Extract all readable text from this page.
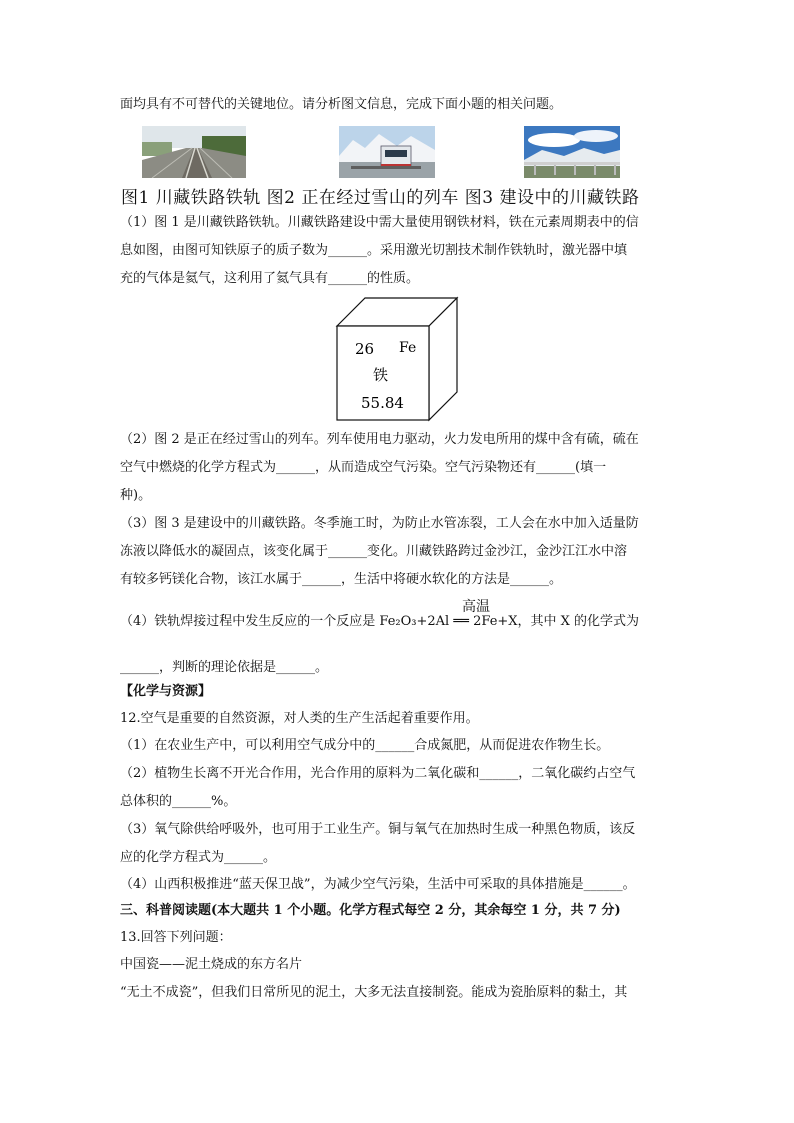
面均具有不可替代的关键地位。请分析图文信息，完成下面小题的相关问题。
图1 川藏铁路铁轨 图2 正在经过雪山的列车 图3 建设中的川藏铁路
（1）图 1 是川藏铁路铁轨。川藏铁路建设中需大量使用钢铁材料，铁在元素周期表中的信
息如图，由图可知铁原子的质子数为______。采用激光切割技术制作铁轨时，激光器中填
充的气体是氦气，这利用了氦气具有______的性质。
26 Fe
铁
55.84
（2）图 2 是正在经过雪山的列车。列车使用电力驱动，火力发电所用的煤中含有硫，硫在
空气中燃烧的化学方程式为______，从而造成空气污染。空气污染物还有______(填一
种)。
（3）图 3 是建设中的川藏铁路。冬季施工时，为防止水管冻裂，工人会在水中加入适量防
冻液以降低水的凝固点，该变化属于______变化。川藏铁路跨过金沙江，金沙江江水中溶
有较多钙镁化合物，该江水属于______，生活中将硬水软化的方法是______。
高温
（4）铁轨焊接过程中发生反应的一个反应是 Fe₂O₃+2Al ══ 2Fe+X，其中 X 的化学式为
______，判断的理论依据是______。
【化学与资源】
12.空气是重要的自然资源，对人类的生产生活起着重要作用。
（1）在农业生产中，可以利用空气成分中的______合成氮肥，从而促进农作物生长。
（2）植物生长离不开光合作用，光合作用的原料为二氧化碳和______，二氧化碳约占空气
总体积的______%。
（3）氧气除供给呼吸外，也可用于工业生产。铜与氧气在加热时生成一种黑色物质，该反
应的化学方程式为______。
（4）山西积极推进“蓝天保卫战”，为减少空气污染，生活中可采取的具体措施是______。
三、科普阅读题(本大题共 1 个小题。化学方程式每空 2 分，其余每空 1 分，共 7 分)
13.回答下列问题：
中国瓷——泥土烧成的东方名片
“无土不成瓷”，但我们日常所见的泥土，大多无法直接制瓷。能成为瓷胎原料的黏土，其
